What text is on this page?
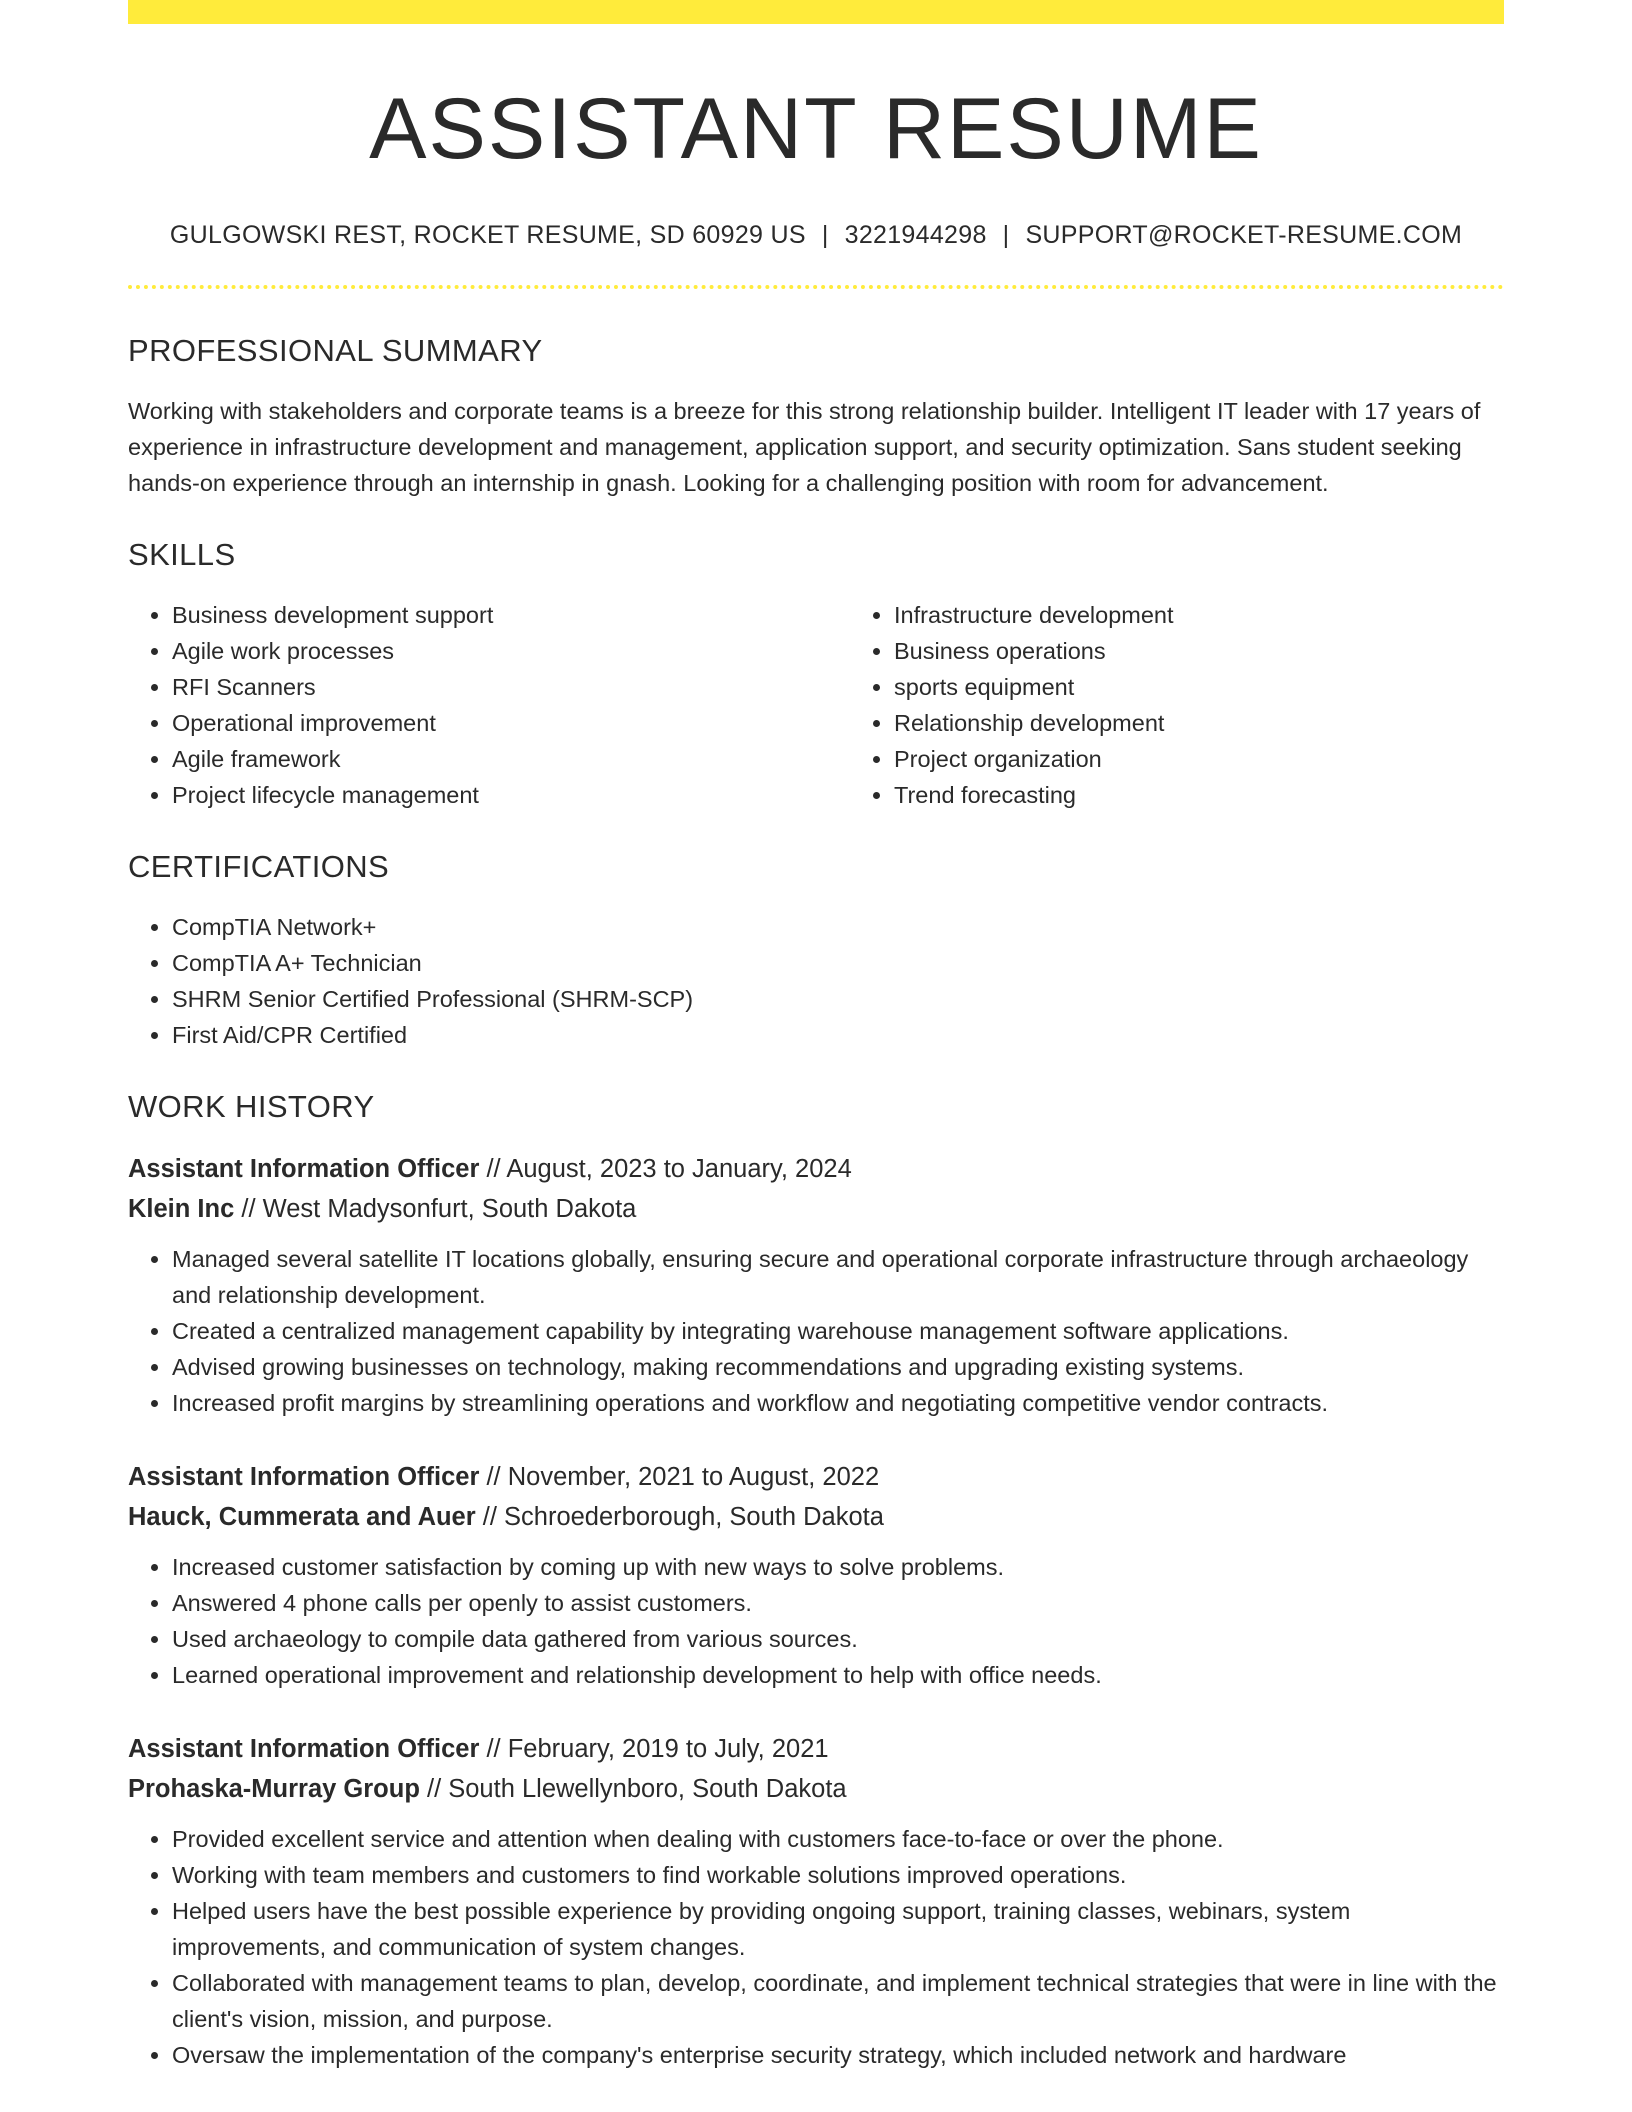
ASSISTANT RESUME
GULGOWSKI REST, ROCKET RESUME, SD 60929 US | 3221944298 | SUPPORT@ROCKET-RESUME.COM
PROFESSIONAL SUMMARY

Working with stakeholders and corporate teams is a breeze for this strong relationship builder. Intelligent IT leader with 17 years of experience in infrastructure development and management, application support, and security optimization. Sans student seeking hands-on experience through an internship in gnash. Looking for a challenging position with room for advancement.

SKILLS
• Business development support
• Agile work processes
• RFI Scanners
• Operational improvement
• Agile framework
• Project lifecycle management
• Infrastructure development
• Business operations
• sports equipment
• Relationship development
• Project organization
• Trend forecasting
CERTIFICATIONS
• CompTIA Network+
• CompTIA A+ Technician
• SHRM Senior Certified Professional (SHRM-SCP)
• First Aid/CPR Certified
WORK HISTORY
Assistant Information Officer // August, 2023 to January, 2024
Klein Inc // West Madysonfurt, South Dakota
• Managed several satellite IT locations globally, ensuring secure and operational corporate infrastructure through archaeology and relationship development.
• Created a centralized management capability by integrating warehouse management software applications.
• Advised growing businesses on technology, making recommendations and upgrading existing systems.
• Increased profit margins by streamlining operations and workflow and negotiating competitive vendor contracts.
Assistant Information Officer // November, 2021 to August, 2022
Hauck, Cummerata and Auer // Schroederborough, South Dakota
• Increased customer satisfaction by coming up with new ways to solve problems.
• Answered 4 phone calls per openly to assist customers.
• Used archaeology to compile data gathered from various sources.
• Learned operational improvement and relationship development to help with office needs.
Assistant Information Officer // February, 2019 to July, 2021
Prohaska-Murray Group // South Llewellynboro, South Dakota
• Provided excellent service and attention when dealing with customers face-to-face or over the phone.
• Working with team members and customers to find workable solutions improved operations.
• Helped users have the best possible experience by providing ongoing support, training classes, webinars, system improvements, and communication of system changes.
• Collaborated with management teams to plan, develop, coordinate, and implement technical strategies that were in line with the client's vision, mission, and purpose.
• Oversaw the implementation of the company's enterprise security strategy, which included network and hardware
